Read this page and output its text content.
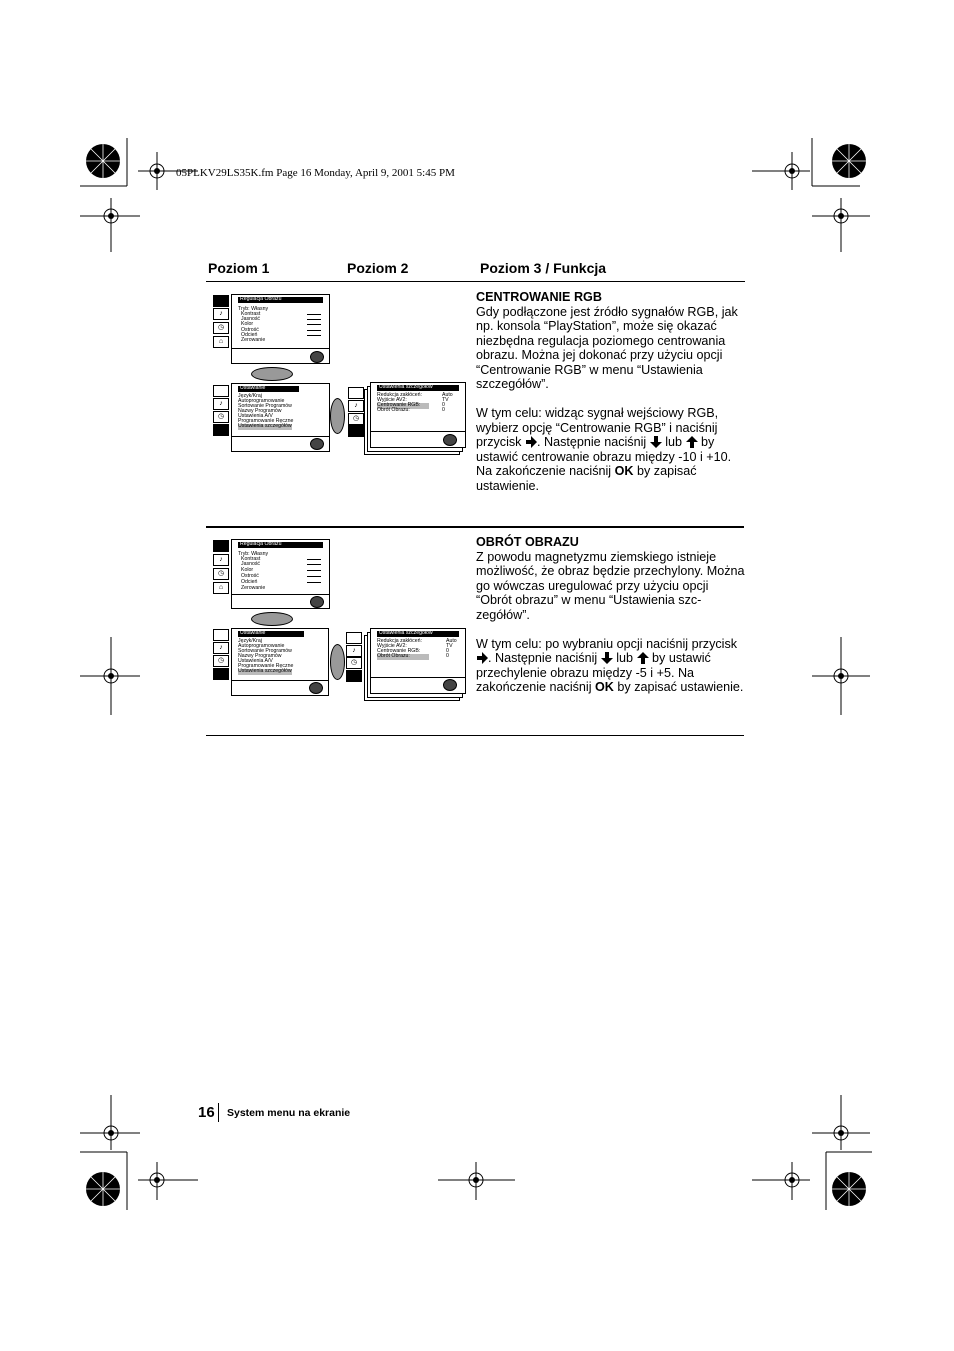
05PLKV29LS35K.fm Page 16 Monday, April 9, 2001 5:45 PM
Poziom 1	Poziom 2	Poziom 3 / Funkcja
♪
◷
⌂
Regulacja Obrazu
Tryb: Własny
Kontrast
Jasność
Kolor
Ostrość
Odcień
Zerowanie
♪
◷
Ustawianie
Język/Kraj
Autoprogramowanie
Sortowanie Programów
Nazwy Programów
Ustawienia A/V
Programowanie Ręczne
Ustawienia szczegółów
♪
◷
Ustawienia szczegółów
Redukcja zakłóceń:
Wyjście AV2:
Centrowanie RGB:
Obrót Obrazu:
Auto
TV
0
0
CENTROWANIE RGB

Gdy podłączone jest źródło sygnałów RGB, jak np. konsola “PlayStation”, może się okazać niezbędna regulacja poziomego centrowania obrazu. Można jej dokonać przy użyciu opcji “Centrowanie RGB” w menu “Ustawienia szczegółów”.

W tym celu: widząc sygnał wejściowy RGB, wybierz opcję “Centrowanie RGB” i naciśnij przycisk . Następnie naciśnij  lub  by ustawić centrowanie obrazu między -10 i +10. Na zakończenie naciśnij OK by zapisać ustawienie.

♪
◷
⌂
Regulacja Obrazu
Tryb: Własny
Kontrast
Jasność
Kolor
Ostrość
Odcień
Zerowanie
♪
◷
Ustawianie
Język/Kraj
Autoprogramowanie
Sortowanie Programów
Nazwy Programów
Ustawienia A/V
Programowanie Ręczne
Ustawienia szczegółów
♪
◷
Ustawienia szczegółów
Redukcja zakłóceń:
Wyjście AV2:
Centrowanie RGB:
Obrót Obrazu:
Auto
TV
0
0
OBRÓT OBRAZU

Z powodu magnetyzmu ziemskiego istnieje możliwość, że obraz będzie przechylony. Można go wówczas uregulować przy użyciu opcji “Obrót obrazu” w menu “Ustawienia szc-zegółów”.

W tym celu: po wybraniu opcji naciśnij przycisk . Następnie naciśnij  lub  by ustawić przechylenie obrazu między -5 i +5. Na zakończenie naciśnij OK by zapisać ustawienie.

16 System menu na ekranie
